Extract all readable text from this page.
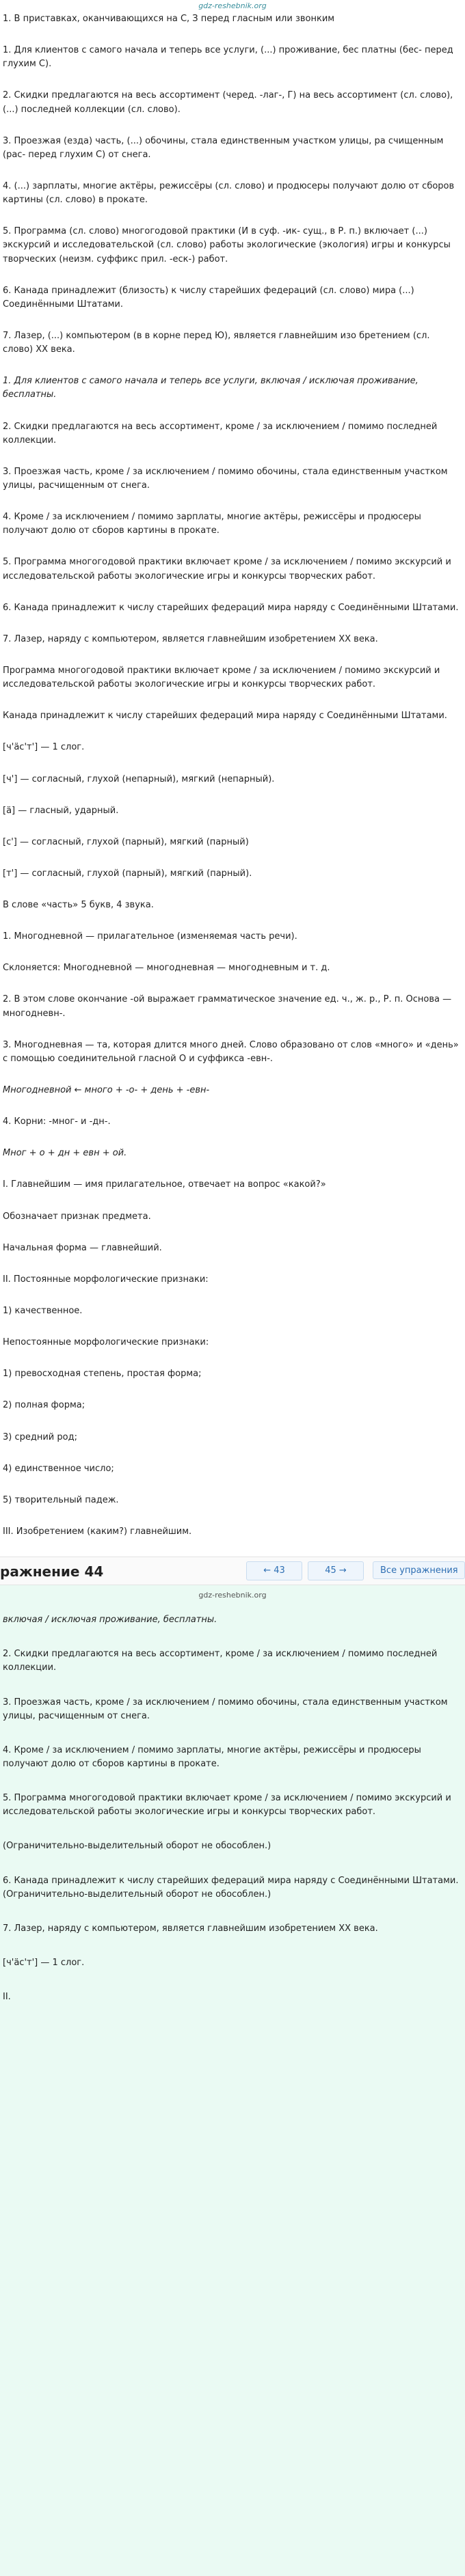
gdz-reshebnik.org

1. В приставках, оканчивающихся на С, З перед гласным или звонким

1. Для клиентов с самого начала и теперь все услуги, (...) проживание, бес платны (бес- перед глухим С).

2. Скидки предлагаются на весь ассортимент (черед. -лаг-, Г) на весь ассортимент (сл. слово), (...) последней коллекции (сл. слово).

3. Проезжая (езда) часть, (...) обочины, стала единственным участком улицы, ра счищенным (рас- перед глухим С) от снега.

4. (...) зарплаты, многие актёры, режиссёры (сл. слово) и продюсеры получают долю от сборов картины (сл. слово) в прокате.

5. Программа (сл. слово) многогодовой практики (И в суф. -ик- сущ., в Р. п.) включает (...) экскурсий и исследовательской (сл. слово) работы экологические (экология) игры и конкурсы творческих (неизм. суффикс прил. -еск-) работ.

6. Канада принадлежит (близость) к числу старейших федераций (сл. слово) мира (...) Соединёнными Штатами.

7. Лазер, (...) компьютером (в в корне перед Ю), является главнейшим изо бретением (сл. слово) XX века.

1. Для клиентов с самого начала и теперь все услуги, включая / исключая проживание, бесплатны.

2. Скидки предлагаются на весь ассортимент, кроме / за исключением / помимо последней коллекции.

3. Проезжая часть, кроме / за исключением / помимо обочины, стала единственным участком улицы, расчищенным от снега.

4. Кроме / за исключением / помимо зарплаты, многие актёры, режиссёры и продюсеры получают долю от сборов картины в прокате.

5. Программа многогодовой практики включает кроме / за исключением / помимо экскурсий и исследовательской работы экологические игры и конкурсы творческих работ.

6. Канада принадлежит к числу старейших федераций мира наряду с Соединёнными Штатами.

7. Лазер, наряду с компьютером, является главнейшим изобретением XX века.

Программа многогодовой практики включает кроме / за исключением / помимо экскурсий и исследовательской работы экологические игры и конкурсы творческих работ.

Канада принадлежит к числу старейших федераций мира наряду с Соединёнными Штатами.

[ч'äс'т'] — 1 слог.

[ч'] — согласный, глухой (непарный), мягкий (непарный).

[ä] — гласный, ударный.

[с'] — согласный, глухой (парный), мягкий (парный)

[т'] — согласный, глухой (парный), мягкий (парный).

В слове «часть» 5 букв, 4 звука.

1. Многодневной — прилагательное (изменяемая часть речи).

Склоняется: Многодневной — многодневная — многодневным и т. д.

2. В этом слове окончание -ой выражает грамматическое значение ед. ч., ж. р., Р. п. Основа — многодневн-.

3. Многодневная — та, которая длится много дней. Слово образовано от слов «много» и «день» с помощью соединительной гласной О и суффикса -евн-.

Многодневной ← много + -о- + день + -евн-

4. Корни: -мног- и -дн-.

Мног + о + дн + евн + ой.

I. Главнейшим — имя прилагательное, отвечает на вопрос «какой?»

Обозначает признак предмета.

Начальная форма — главнейший.

II. Постоянные морфологические признаки:

1) качественное.

Непостоянные морфологические признаки:

1) превосходная степень, простая форма;

2) полная форма;

3) средний род;

4) единственное число;

5) творительный падеж.

III. Изобретением (каким?) главнейшим.

ражнение 44	← 43	45 →	Все упражнения
gdz-reshebnik.org

включая / исключая проживание, бесплатны.

2. Скидки предлагаются на весь ассортимент, кроме / за исключением / помимо последней коллекции.

3. Проезжая часть, кроме / за исключением / помимо обочины, стала единственным участком улицы, расчищенным от снега.

4. Кроме / за исключением / помимо зарплаты, многие актёры, режиссёры и продюсеры получают долю от сборов картины в прокате.

5. Программа многогодовой практики включает кроме / за исключением / помимо экскурсий и исследовательской работы экологические игры и конкурсы творческих работ.

(Ограничительно-выделительный оборот не обособлен.)

6. Канада принадлежит к числу старейших федераций мира наряду с Соединёнными Штатами. (Ограничительно-выделительный оборот не обособлен.)

7. Лазер, наряду с компьютером, является главнейшим изобретением XX века.

[ч'äс'т'] — 1 слог.

II.
